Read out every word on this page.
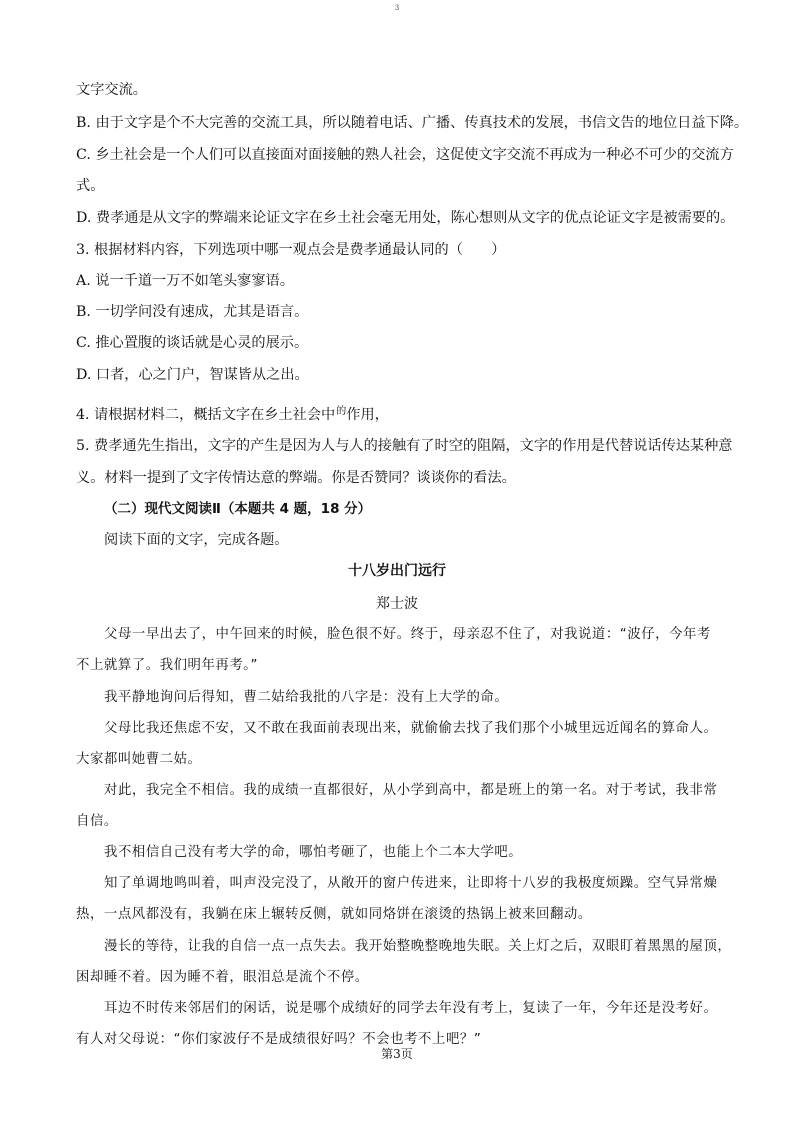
3
文字交流。
B. 由于文字是个不大完善的交流工具，所以随着电话、广播、传真技术的发展，书信文告的地位日益下降。
C. 乡土社会是一个人们可以直接面对面接触的熟人社会，这促使文字交流不再成为一种必不可少的交流方
式。
D. 费孝通是从文字的弊端来论证文字在乡土社会毫无用处，陈心想则从文字的优点论证文字是被需要的。
3. 根据材料内容，下列选项中哪一观点会是费孝通最认同的（　　）
A. 说一千道一万不如笔头寥寥语。
B. 一切学问没有速成，尤其是语言。
C. 推心置腹的谈话就是心灵的展示。
D. 口者，心之门户，智谋皆从之出。
4. 请根据材料二，概括文字在乡土社会中$^的$作用，
5. 费孝通先生指出，文字的产生是因为人与人的接触有了时空的阻隔，文字的作用是代替说话传达某种意
义。材料一提到了文字传情达意的弊端。你是否赞同？谈谈你的看法。
（二）现代文阅读Ⅱ（本题共 4 题，18 分）
阅读下面的文字，完成各题。
十八岁出门远行
郑士波
父母一早出去了，中午回来的时候，脸色很不好。终于，母亲忍不住了，对我说道：“波仔，今年考
不上就算了。我们明年再考。”
我平静地询问后得知，曹二姑给我批的八字是：没有上大学的命。
父母比我还焦虑不安，又不敢在我面前表现出来，就偷偷去找了我们那个小城里远近闻名的算命人。
大家都叫她曹二姑。
对此，我完全不相信。我的成绩一直都很好，从小学到高中，都是班上的第一名。对于考试，我非常
自信。
我不相信自己没有考大学的命，哪怕考砸了，也能上个二本大学吧。
知了单调地鸣叫着，叫声没完没了，从敞开的窗户传进来，让即将十八岁的我极度烦躁。空气异常燥
热，一点风都没有，我躺在床上辗转反侧，就如同烙饼在滚烫的热锅上被来回翻动。
漫长的等待，让我的自信一点一点失去。我开始整晚整晚地失眠。关上灯之后，双眼盯着黑黑的屋顶，
困却睡不着。因为睡不着，眼泪总是流个不停。
耳边不时传来邻居们的闲话，说是哪个成绩好的同学去年没有考上，复读了一年，今年还是没考好。
有人对父母说：“你们家波仔不是成绩很好吗？不会也考不上吧？”
第3页
